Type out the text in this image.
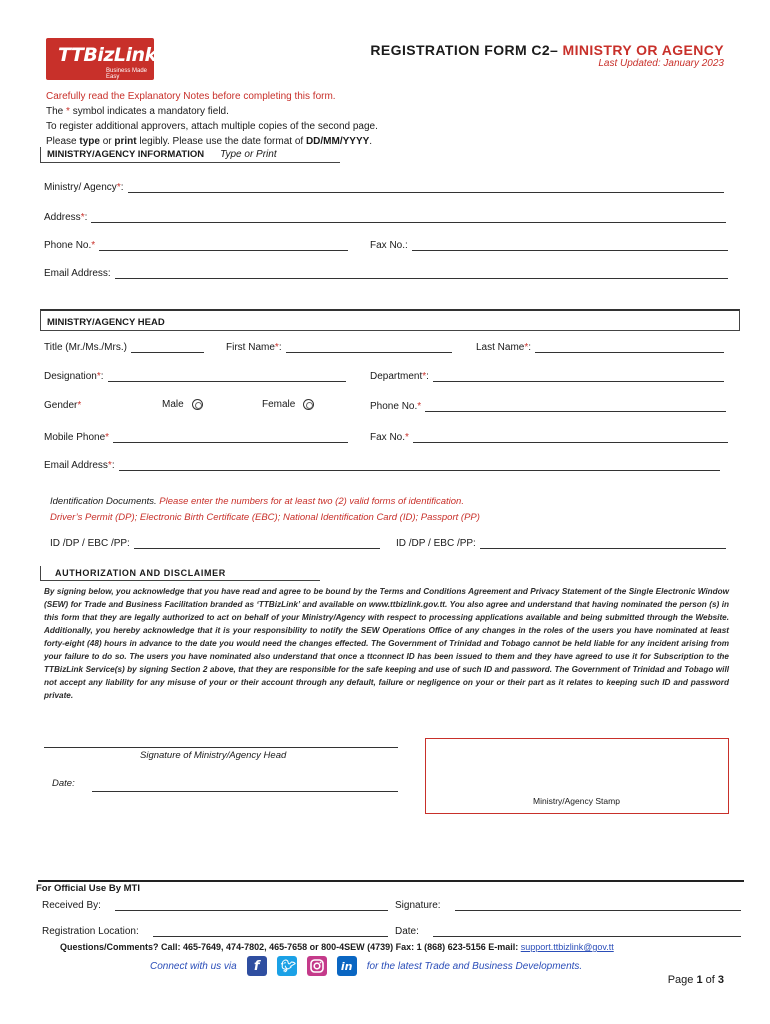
TTBizLink
Business Made Easy
REGISTRATION FORM C2– MINISTRY OR AGENCY
Last Updated: January 2023
Carefully read the Explanatory Notes before completing this form.
The * symbol indicates a mandatory field.
To register additional approvers, attach multiple copies of the second page.
Please type or print legibly. Please use the date format of DD/MM/YYYY.
MINISTRY/AGENCY INFORMATION Type or Print
Ministry/ Agency*:
Address*:
Phone No.*	Fax No.:
Email Address:
MINISTRY/AGENCY HEAD
Title (Mr./Ms./Mrs.)	First Name*:	Last Name*:
Designation*:	Department*:
Gender*	Male	Female	Phone No.*
Mobile Phone*	Fax No.*
Email Address*:
Identification Documents. Please enter the numbers for at least two (2) valid forms of identification.
Driver’s Permit (DP); Electronic Birth Certificate (EBC); National Identification Card (ID); Passport (PP)
ID /DP / EBC /PP:	ID /DP / EBC /PP:
AUTHORIZATION AND DISCLAIMER
By signing below, you acknowledge that you have read and agree to be bound by the Terms and Conditions Agreement and Privacy Statement of the Single Electronic Window (SEW) for Trade and Business Facilitation branded as ‘TTBizLink’ and available on www.ttbizlink.gov.tt. You also agree and understand that having nominated the person (s) in this form that they are legally authorized to act on behalf of your Ministry/Agency with respect to processing applications available and being submitted through the Website. Additionally, you hereby acknowledge that it is your responsibility to notify the SEW Operations Office of any changes in the roles of the users you have nominated at least forty-eight (48) hours in advance to the date you would need the changes effected. The Government of Trinidad and Tobago cannot be held liable for any incident arising from your failure to do so. The users you have nominated also understand that once a ttconnect ID has been issued to them and they have agreed to use it for Subscription to the TTBizLink Service(s) by signing Section 2 above, that they are responsible for the safe keeping and use of such ID and password. The Government of Trinidad and Tobago will not accept any liability for any misuse of your or their account through any default, failure or negligence on your or their part as it relates to keeping such ID and password private.
Signature of Ministry/Agency Head
Date:
Ministry/Agency Stamp
For Official Use By MTI
Received By:	Signature:
Registration Location:	Date:
Questions/Comments? Call: 465-7649, 474-7802, 465-7658 or 800-4SEW (4739) Fax: 1 (868) 623-5156 E-mail: support.ttbizlink@gov.tt
Connect with us via	f	🐦︎	in	for the latest Trade and Business Developments.
Page 1 of 3
